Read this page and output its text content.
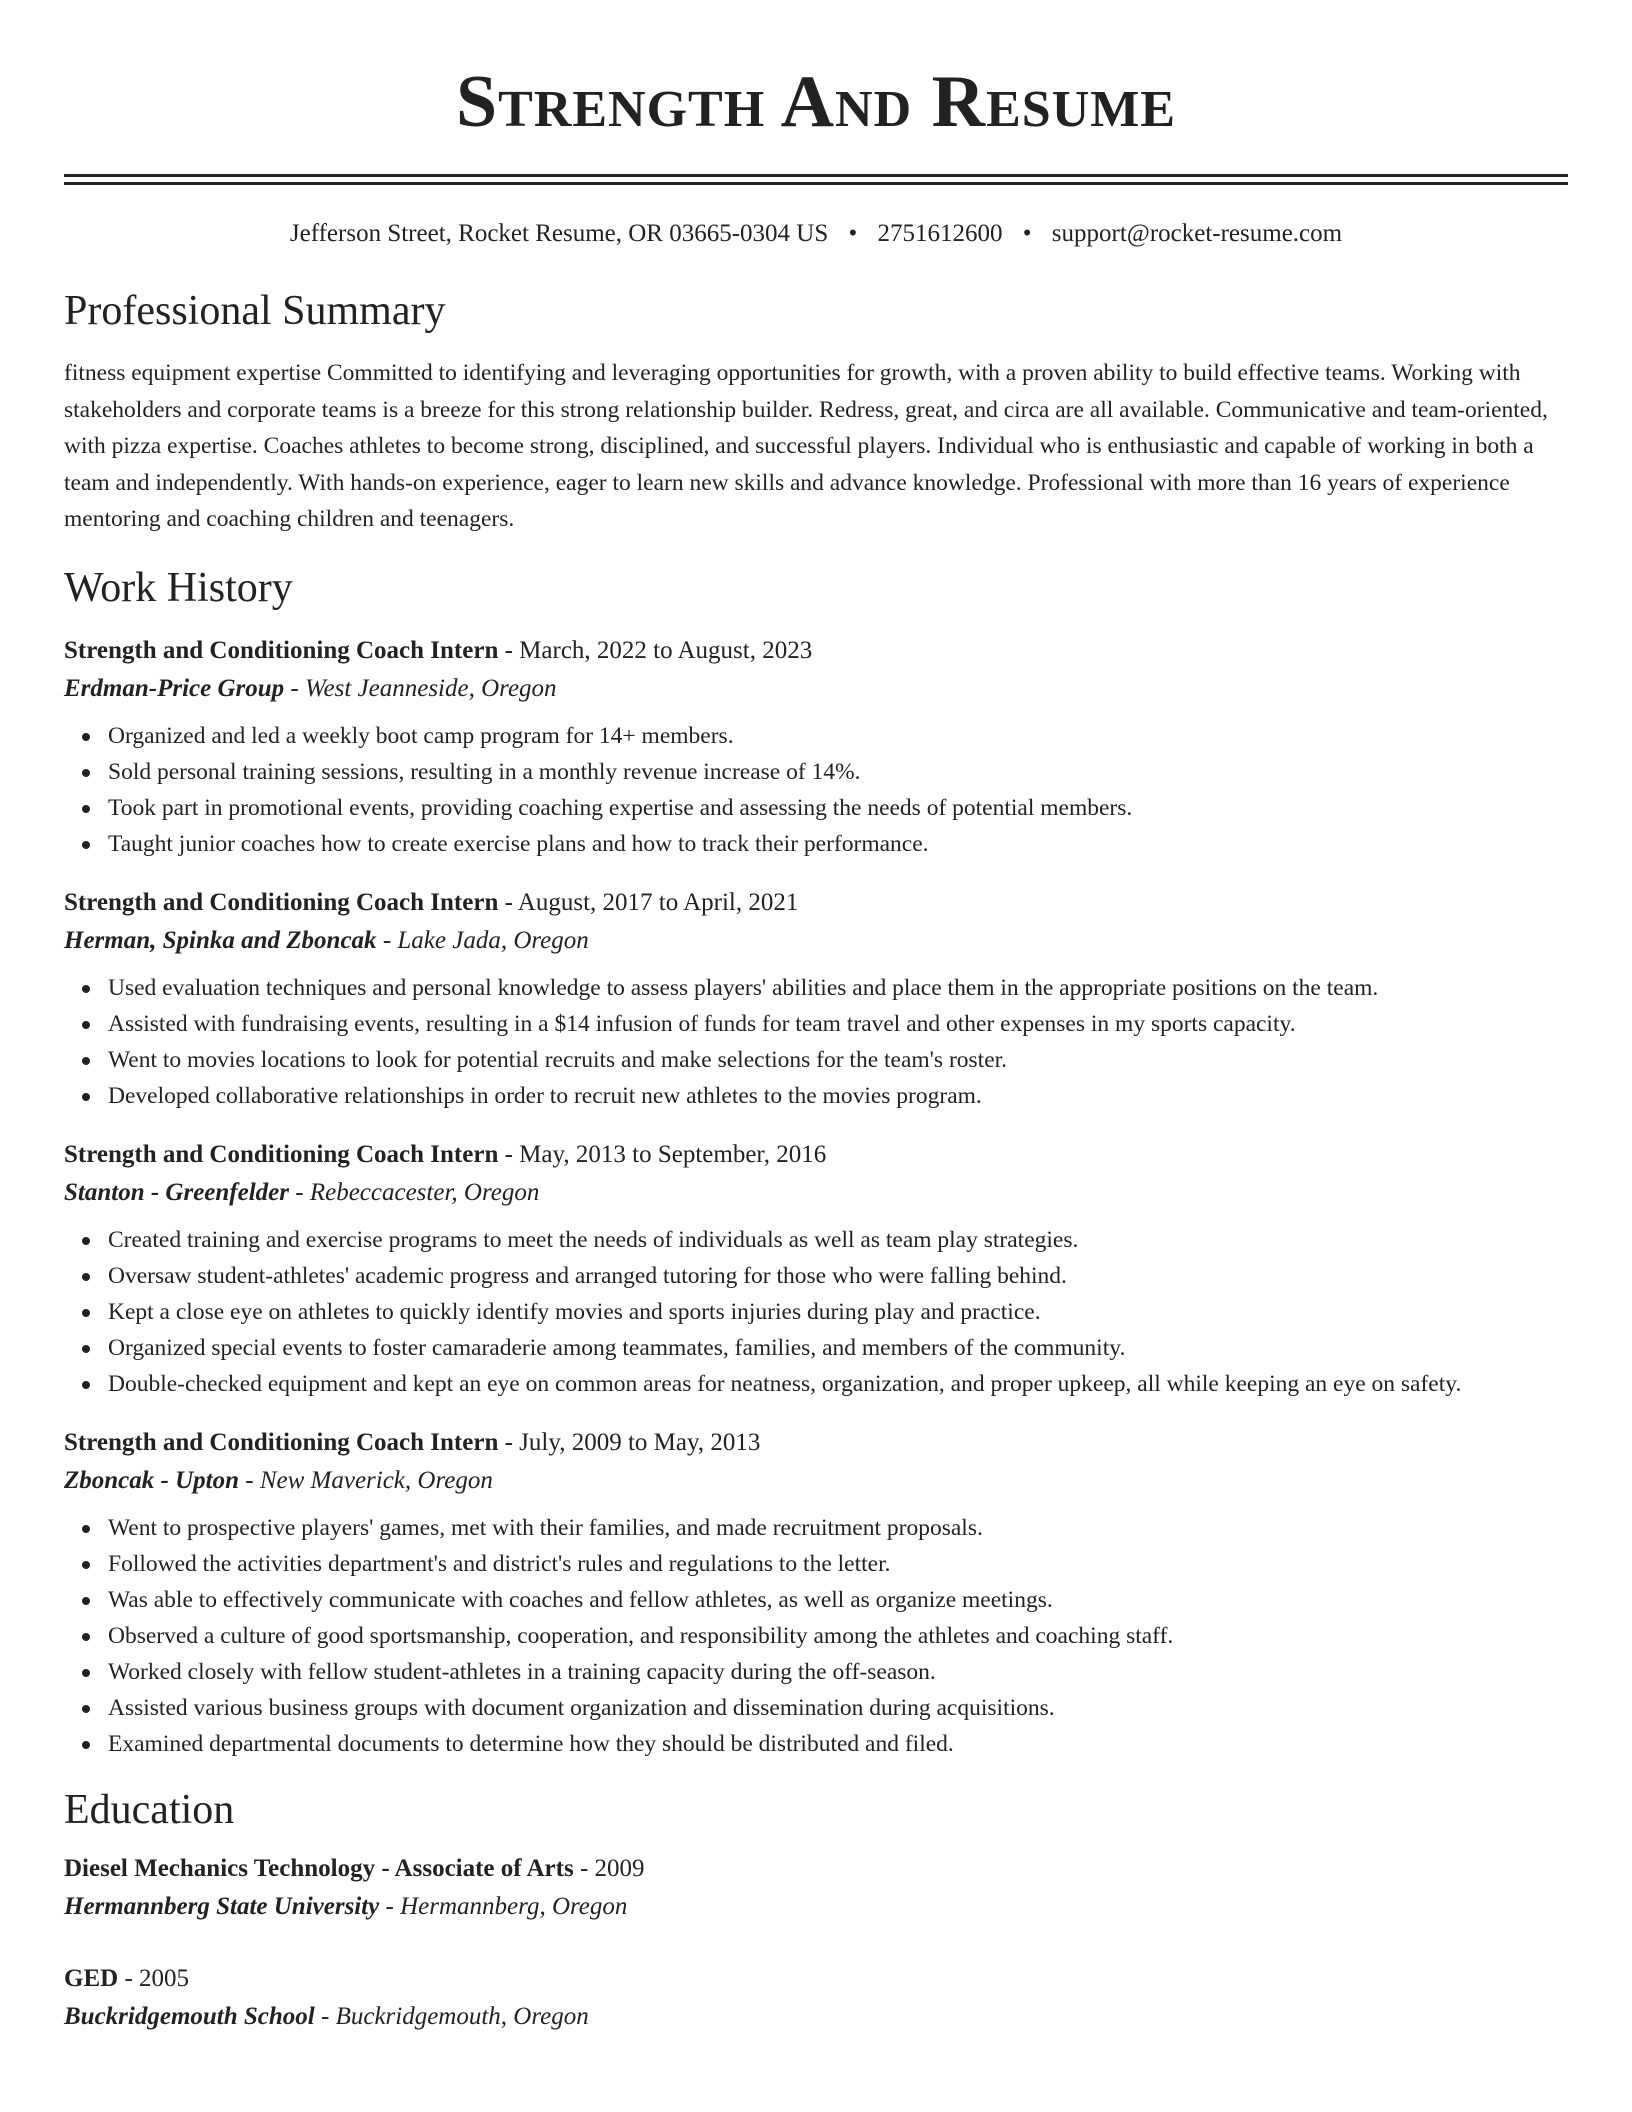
Strength And Resume
Jefferson Street, Rocket Resume, OR 03665-0304 US • 2751612600 • support@rocket-resume.com
Professional Summary

fitness equipment expertise Committed to identifying and leveraging opportunities for growth, with a proven ability to build effective teams. Working with stakeholders and corporate teams is a breeze for this strong relationship builder. Redress, great, and circa are all available. Communicative and team-oriented, with pizza expertise. Coaches athletes to become strong, disciplined, and successful players. Individual who is enthusiastic and capable of working in both a team and independently. With hands-on experience, eager to learn new skills and advance knowledge. Professional with more than 16 years of experience mentoring and coaching children and teenagers.

Work History
Strength and Conditioning Coach Intern - March, 2022 to August, 2023
Erdman-Price Group - West Jeanneside, Oregon
Organized and led a weekly boot camp program for 14+ members.
Sold personal training sessions, resulting in a monthly revenue increase of 14%.
Took part in promotional events, providing coaching expertise and assessing the needs of potential members.
Taught junior coaches how to create exercise plans and how to track their performance.
Strength and Conditioning Coach Intern - August, 2017 to April, 2021
Herman, Spinka and Zboncak - Lake Jada, Oregon
Used evaluation techniques and personal knowledge to assess players' abilities and place them in the appropriate positions on the team.
Assisted with fundraising events, resulting in a $14 infusion of funds for team travel and other expenses in my sports capacity.
Went to movies locations to look for potential recruits and make selections for the team's roster.
Developed collaborative relationships in order to recruit new athletes to the movies program.
Strength and Conditioning Coach Intern - May, 2013 to September, 2016
Stanton - Greenfelder - Rebeccacester, Oregon
Created training and exercise programs to meet the needs of individuals as well as team play strategies.
Oversaw student-athletes' academic progress and arranged tutoring for those who were falling behind.
Kept a close eye on athletes to quickly identify movies and sports injuries during play and practice.
Organized special events to foster camaraderie among teammates, families, and members of the community.
Double-checked equipment and kept an eye on common areas for neatness, organization, and proper upkeep, all while keeping an eye on safety.
Strength and Conditioning Coach Intern - July, 2009 to May, 2013
Zboncak - Upton - New Maverick, Oregon
Went to prospective players' games, met with their families, and made recruitment proposals.
Followed the activities department's and district's rules and regulations to the letter.
Was able to effectively communicate with coaches and fellow athletes, as well as organize meetings.
Observed a culture of good sportsmanship, cooperation, and responsibility among the athletes and coaching staff.
Worked closely with fellow student-athletes in a training capacity during the off-season.
Assisted various business groups with document organization and dissemination during acquisitions.
Examined departmental documents to determine how they should be distributed and filed.
Education
Diesel Mechanics Technology - Associate of Arts - 2009
Hermannberg State University - Hermannberg, Oregon
GED - 2005
Buckridgemouth School - Buckridgemouth, Oregon
